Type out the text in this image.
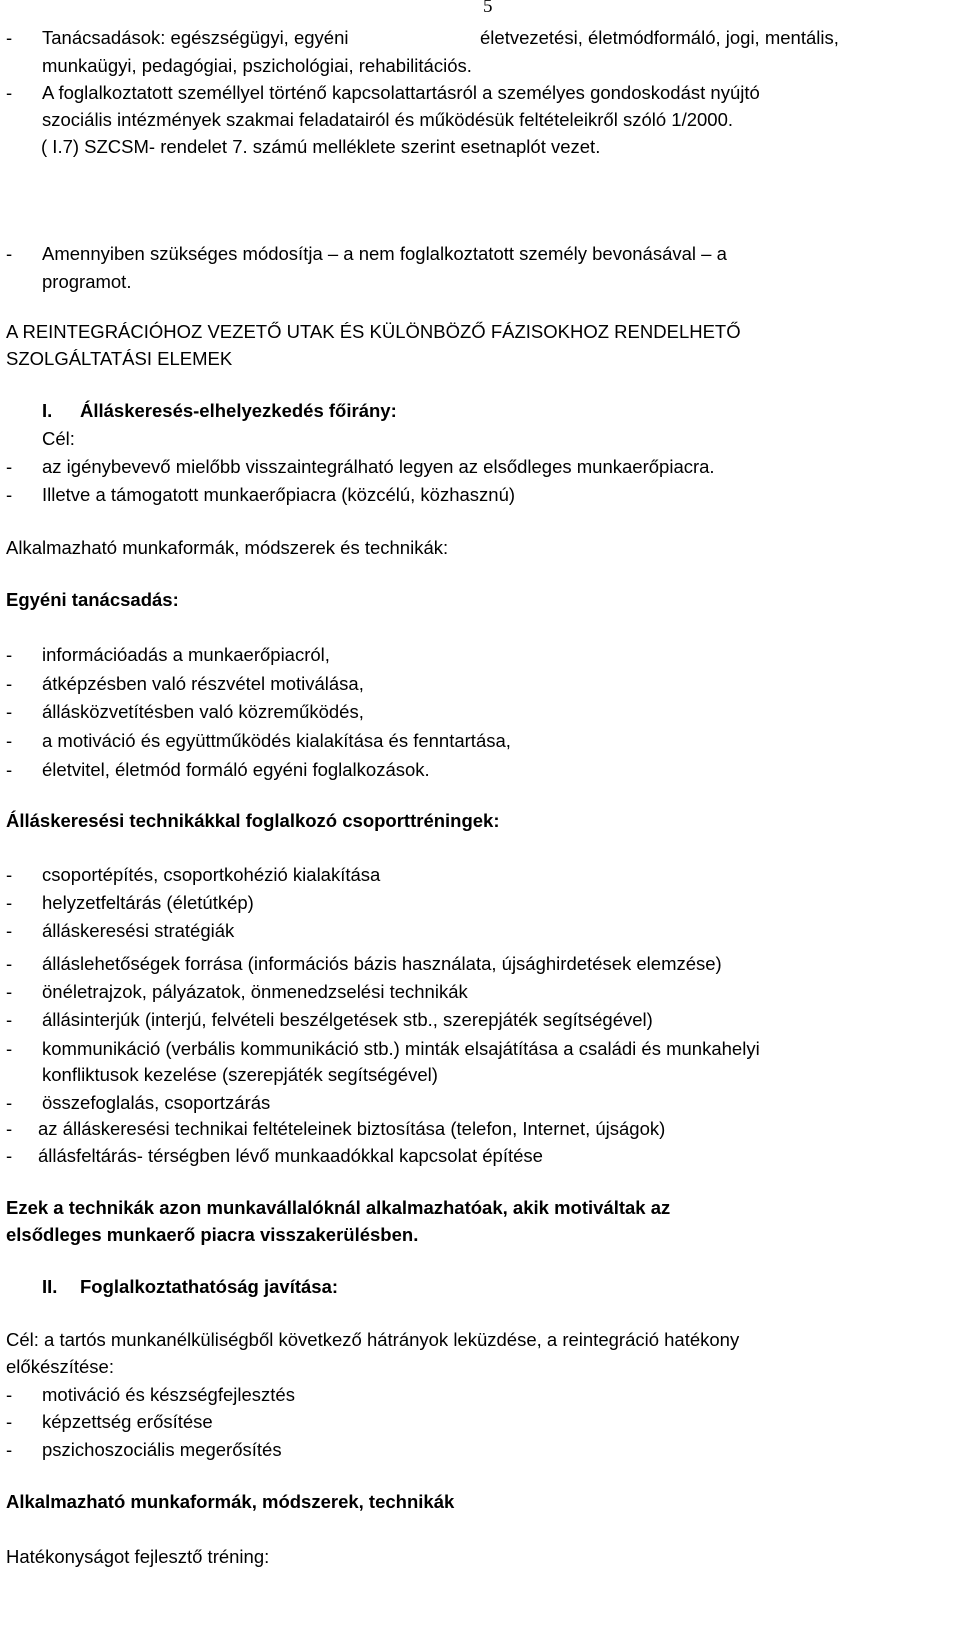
5
- Tanácsadások: egészségügyi, egyéni	életvezetési, életmódformáló, jogi, mentális,
munkaügyi, pedagógiai, pszichológiai, rehabilitációs.
- A foglalkoztatott személlyel történő kapcsolattartásról a személyes gondoskodást nyújtó
szociális intézmények szakmai feladatairól és működésük feltételeikről szóló 1/2000.
( I.7) SZCSM- rendelet 7. számú melléklete szerint esetnaplót vezet.
- Amennyiben szükséges módosítja – a nem foglalkoztatott személy bevonásával – a
programot.
A REINTEGRÁCIÓHOZ VEZETŐ UTAK ÉS KÜLÖNBÖZŐ FÁZISOKHOZ RENDELHETŐ
SZOLGÁLTATÁSI ELEMEK
I. Álláskeresés-elhelyezkedés főirány:
Cél:
- az igénybevevő mielőbb visszaintegrálható legyen az elsődleges munkaerőpiacra.
- Illetve a támogatott munkaerőpiacra (közcélú, közhasznú)
Alkalmazható munkaformák, módszerek és technikák:
Egyéni tanácsadás:
- információadás a munkaerőpiacról,
- átképzésben való részvétel motiválása,
- állásközvetítésben való közreműködés,
- a motiváció és együttműködés kialakítása és fenntartása,
- életvitel, életmód formáló egyéni foglalkozások.
Álláskeresési technikákkal foglalkozó csoporttréningek:
- csoportépítés, csoportkohézió kialakítása
- helyzetfeltárás (életútkép)
- álláskeresési stratégiák
- álláslehetőségek forrása (információs bázis használata, újsághirdetések elemzése)
- önéletrajzok, pályázatok, önmenedzselési technikák
- állásinterjúk (interjú, felvételi beszélgetések stb., szerepjáték segítségével)
- kommunikáció (verbális kommunikáció stb.) minták elsajátítása a családi és munkahelyi
konfliktusok kezelése (szerepjáték segítségével)
- összefoglalás, csoportzárás
- az álláskeresési technikai feltételeinek biztosítása (telefon, Internet, újságok)
- állásfeltárás- térségben lévő munkaadókkal kapcsolat építése
Ezek a technikák azon munkavállalóknál alkalmazhatóak, akik motiváltak az
elsődleges munkaerő piacra visszakerülésben.
II. Foglalkoztathatóság javítása:
Cél: a tartós munkanélküliségből következő hátrányok leküzdése, a reintegráció hatékony
előkészítése:
- motiváció és készségfejlesztés
- képzettség erősítése
- pszichoszociális megerősítés
Alkalmazható munkaformák, módszerek, technikák
Hatékonyságot fejlesztő tréning:
